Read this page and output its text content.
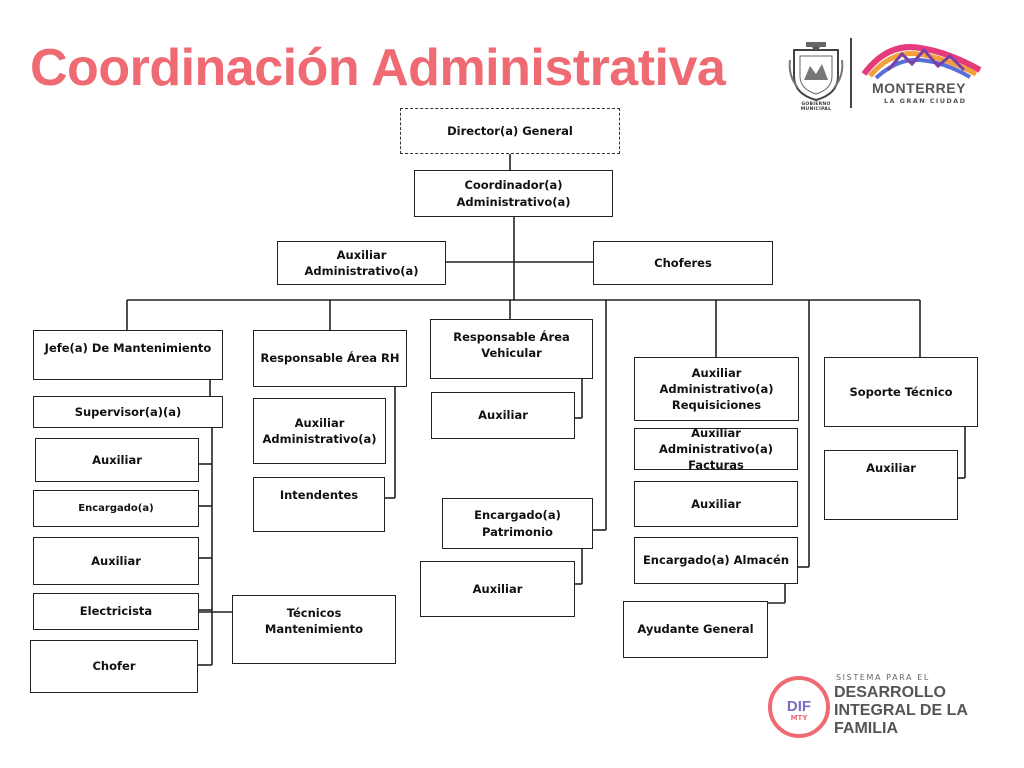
Coordinación Administrativa
GOBIERNO MUNICIPAL
MONTERREY
LA GRAN CIUDAD
Director(a) General
Coordinador(a) Administrativo(a)
Auxiliar Administrativo(a)
Choferes
Jefe(a) De Mantenimiento
Supervisor(a)(a)
Auxiliar
Encargado(a)
Auxiliar
Electricista
Chofer
Técnicos Mantenimiento
Responsable Área RH
Auxiliar Administrativo(a)
Intendentes
Responsable Área Vehicular
Auxiliar
Encargado(a) Patrimonio
Auxiliar
Auxiliar Administrativo(a) Requisiciones
Auxiliar Administrativo(a) Facturas
Auxiliar
Encargado(a) Almacén
Ayudante General
Soporte Técnico
Auxiliar
DIF
MTY
SISTEMA PARA EL
DESARROLLO
INTEGRAL DE LA
FAMILIA
